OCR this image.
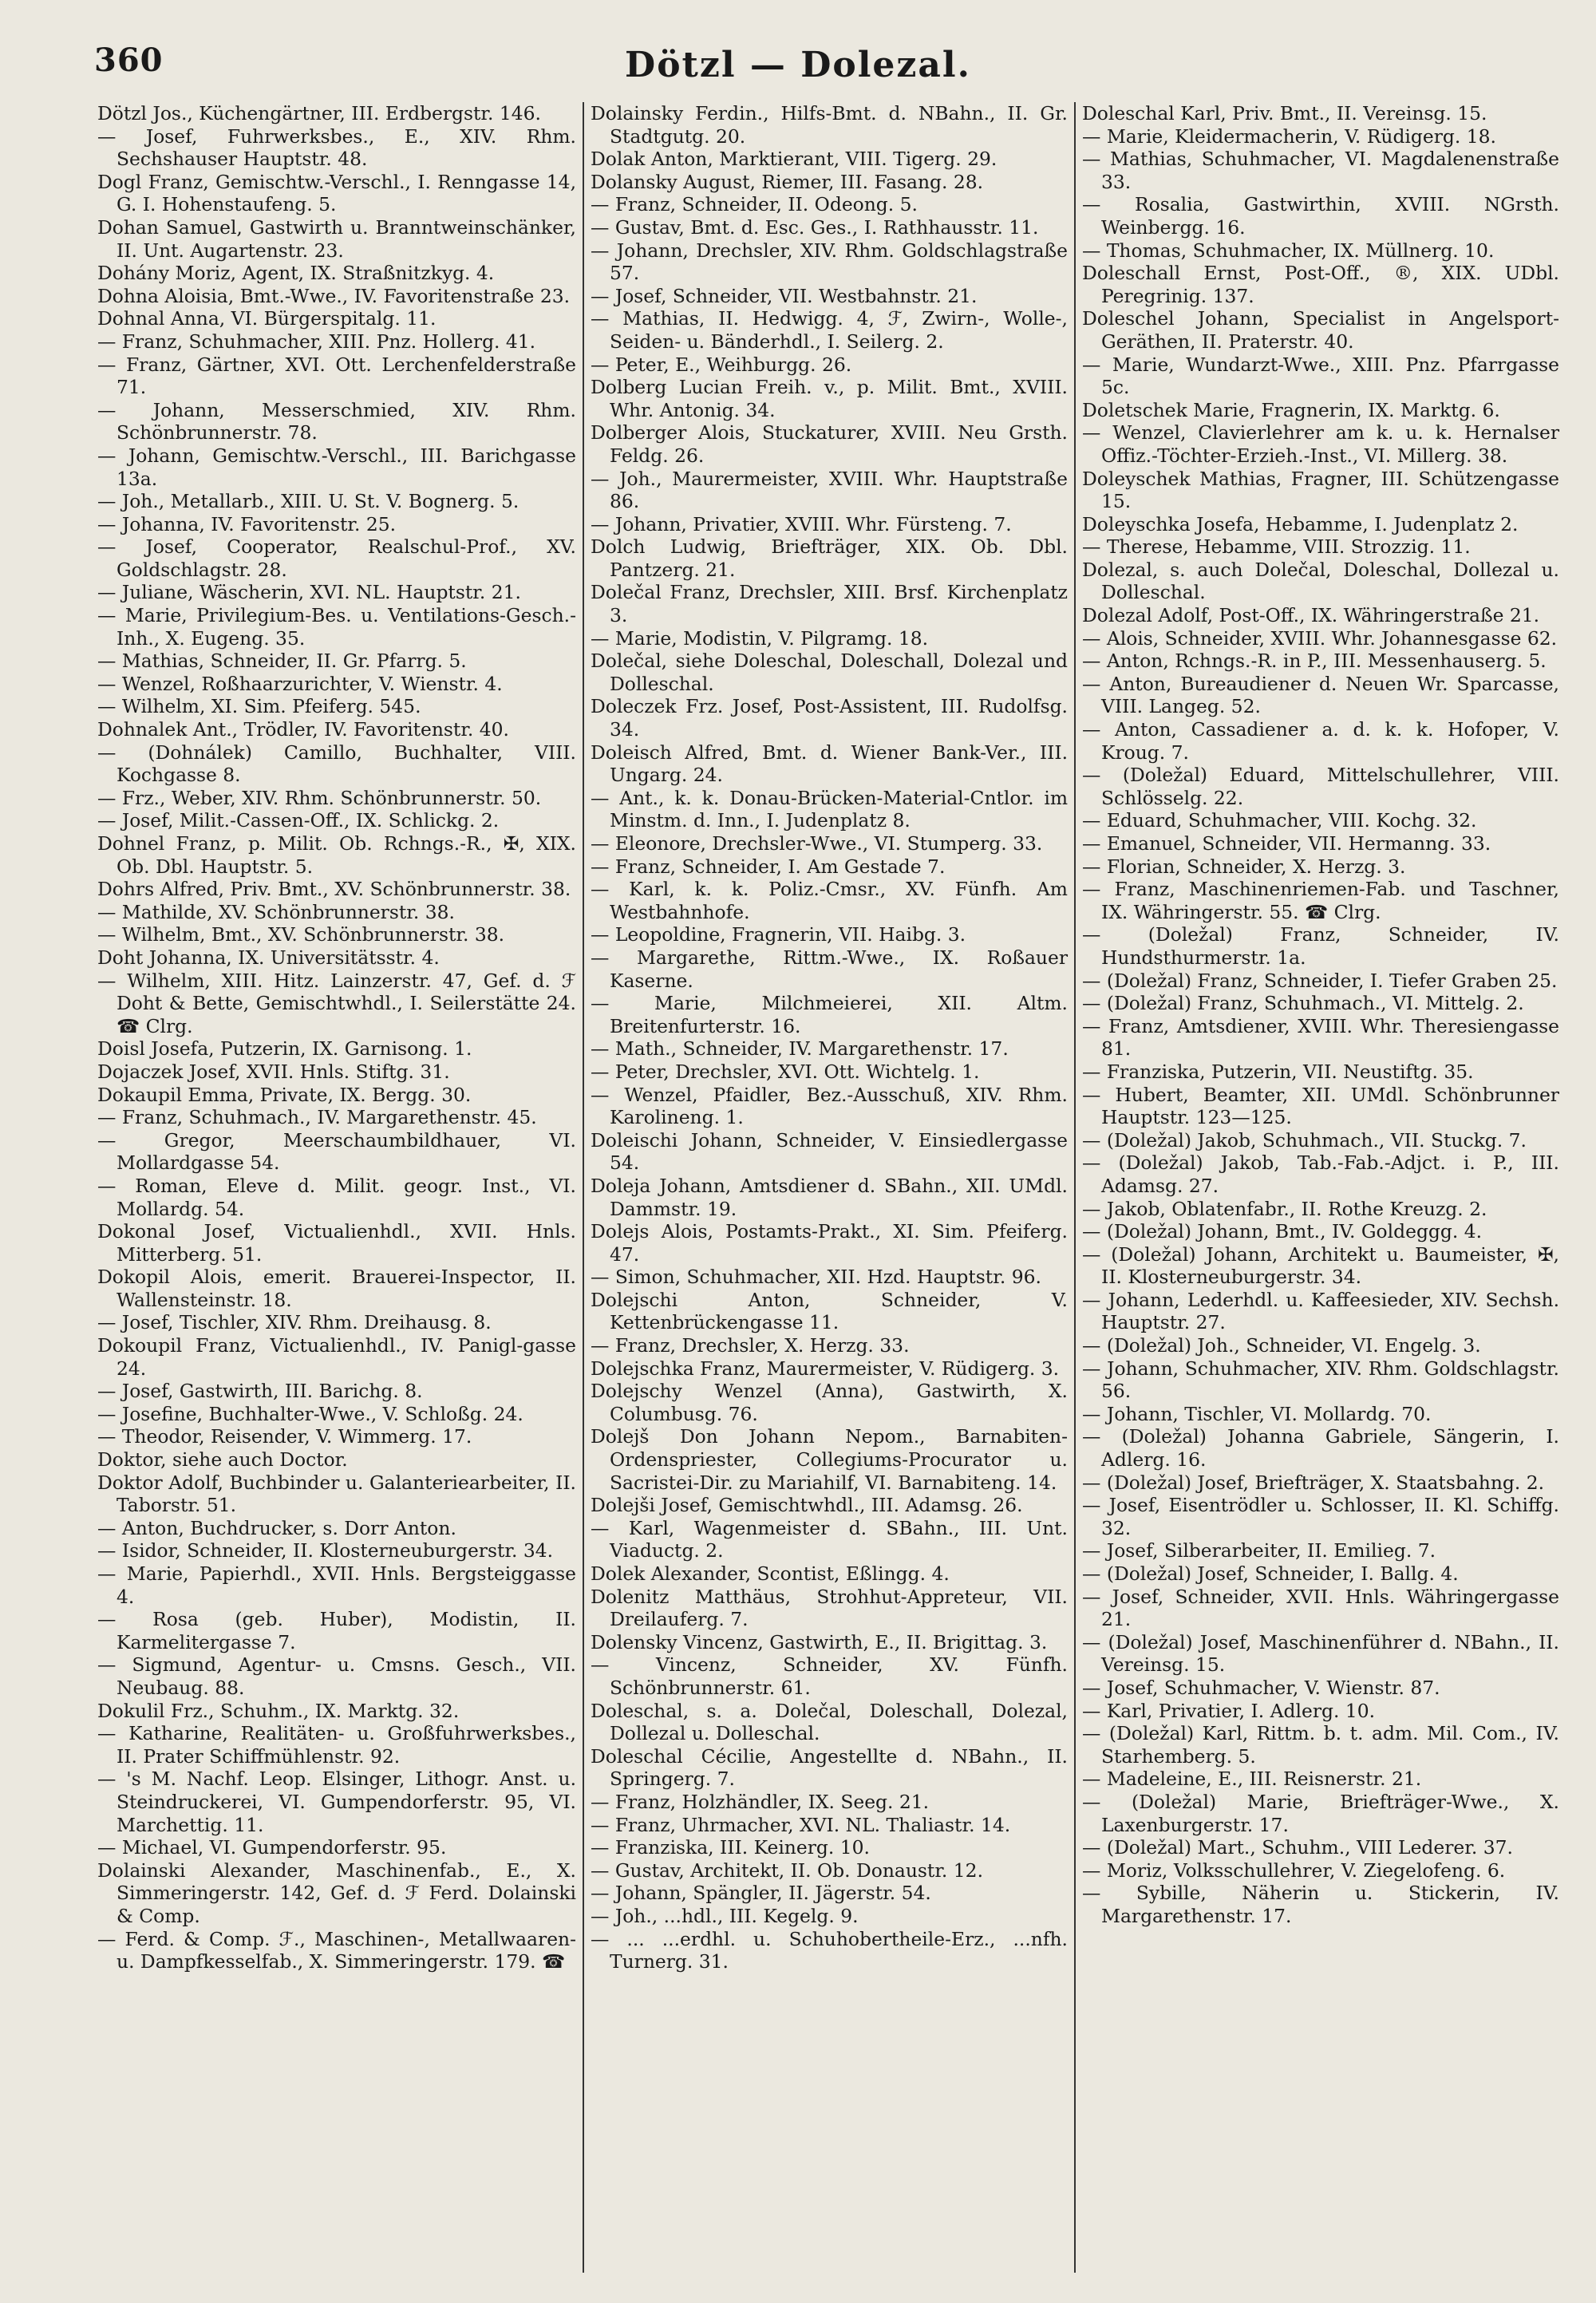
360	Dötzl — Dolezal.

Dötzl Jos., Küchengärtner, III. Erdbergstr. 146.

— Josef, Fuhrwerksbes., E., XIV. Rhm. Sechshauser Hauptstr. 48.

Dogl Franz, Gemischtw.-Verschl., I. Renngasse 14, G. I. Hohenstaufeng. 5.

Dohan Samuel, Gastwirth u. Branntweinschänker, II. Unt. Augartenstr. 23.

Dohány Moriz, Agent, IX. Straßnitzkyg. 4.

Dohna Aloisia, Bmt.-Wwe., IV. Favoritenstraße 23.

Dohnal Anna, VI. Bürgerspitalg. 11.

— Franz, Schuhmacher, XIII. Pnz. Hollerg. 41.

— Franz, Gärtner, XVI. Ott. Lerchenfelderstraße 71.

— Johann, Messerschmied, XIV. Rhm. Schönbrunnerstr. 78.

— Johann, Gemischtw.-Verschl., III. Barichgasse 13a.

— Joh., Metallarb., XIII. U. St. V. Bognerg. 5.

— Johanna, IV. Favoritenstr. 25.

— Josef, Cooperator, Realschul-Prof., XV. Goldschlagstr. 28.

— Juliane, Wäscherin, XVI. NL. Hauptstr. 21.

— Marie, Privilegium-Bes. u. Ventilations-Gesch.-Inh., X. Eugeng. 35.

— Mathias, Schneider, II. Gr. Pfarrg. 5.

— Wenzel, Roßhaarzurichter, V. Wienstr. 4.

— Wilhelm, XI. Sim. Pfeiferg. 545.

Dohnalek Ant., Trödler, IV. Favoritenstr. 40.

— (Dohnálek) Camillo, Buchhalter, VIII. Kochgasse 8.

— Frz., Weber, XIV. Rhm. Schönbrunnerstr. 50.

— Josef, Milit.-Cassen-Off., IX. Schlickg. 2.

Dohnel Franz, p. Milit. Ob. Rchngs.-R., ✠, XIX. Ob. Dbl. Hauptstr. 5.

Dohrs Alfred, Priv. Bmt., XV. Schönbrunnerstr. 38.

— Mathilde, XV. Schönbrunnerstr. 38.

— Wilhelm, Bmt., XV. Schönbrunnerstr. 38.

Doht Johanna, IX. Universitätsstr. 4.

— Wilhelm, XIII. Hitz. Lainzerstr. 47, Gef. d. ℱ Doht & Bette, Gemischtwhdl., I. Seilerstätte 24. ☎ Clrg.

Doisl Josefa, Putzerin, IX. Garnisong. 1.

Dojaczek Josef, XVII. Hnls. Stiftg. 31.

Dokaupil Emma, Private, IX. Bergg. 30.

— Franz, Schuhmach., IV. Margarethenstr. 45.

— Gregor, Meerschaumbildhauer, VI. Mollardgasse 54.

— Roman, Eleve d. Milit. geogr. Inst., VI. Mollardg. 54.

Dokonal Josef, Victualienhdl., XVII. Hnls. Mitterberg. 51.

Dokopil Alois, emerit. Brauerei-Inspector, II. Wallensteinstr. 18.

— Josef, Tischler, XIV. Rhm. Dreihausg. 8.

Dokoupil Franz, Victualienhdl., IV. Panigl-gasse 24.

— Josef, Gastwirth, III. Barichg. 8.

— Josefine, Buchhalter-Wwe., V. Schloßg. 24.

— Theodor, Reisender, V. Wimmerg. 17.

Doktor, siehe auch Doctor.

Doktor Adolf, Buchbinder u. Galanteriearbeiter, II. Taborstr. 51.

— Anton, Buchdrucker, s. Dorr Anton.

— Isidor, Schneider, II. Klosterneuburgerstr. 34.

— Marie, Papierhdl., XVII. Hnls. Bergsteiggasse 4.

— Rosa (geb. Huber), Modistin, II. Karmelitergasse 7.

— Sigmund, Agentur- u. Cmsns. Gesch., VII. Neubaug. 88.

Dokulil Frz., Schuhm., IX. Marktg. 32.

— Katharine, Realitäten- u. Großfuhrwerksbes., II. Prater Schiffmühlenstr. 92.

— 's M. Nachf. Leop. Elsinger, Lithogr. Anst. u. Steindruckerei, VI. Gumpendorferstr. 95, VI. Marchettig. 11.

— Michael, VI. Gumpendorferstr. 95.

Dolainski Alexander, Maschinenfab., E., X. Simmeringerstr. 142, Gef. d. ℱ Ferd. Dolainski & Comp.

— Ferd. & Comp. ℱ., Maschinen-, Metallwaaren- u. Dampfkesselfab., X. Simmeringerstr. 179. ☎

Dolainsky Ferdin., Hilfs-Bmt. d. NBahn., II. Gr. Stadtgutg. 20.

Dolak Anton, Marktierant, VIII. Tigerg. 29.

Dolansky August, Riemer, III. Fasang. 28.

— Franz, Schneider, II. Odeong. 5.

— Gustav, Bmt. d. Esc. Ges., I. Rathhausstr. 11.

— Johann, Drechsler, XIV. Rhm. Goldschlagstraße 57.

— Josef, Schneider, VII. Westbahnstr. 21.

— Mathias, II. Hedwigg. 4, ℱ, Zwirn-, Wolle-, Seiden- u. Bänderhdl., I. Seilerg. 2.

— Peter, E., Weihburgg. 26.

Dolberg Lucian Freih. v., p. Milit. Bmt., XVIII. Whr. Antonig. 34.

Dolberger Alois, Stuckaturer, XVIII. Neu Grsth. Feldg. 26.

— Joh., Maurermeister, XVIII. Whr. Hauptstraße 86.

— Johann, Privatier, XVIII. Whr. Fürsteng. 7.

Dolch Ludwig, Briefträger, XIX. Ob. Dbl. Pantzerg. 21.

Dolečal Franz, Drechsler, XIII. Brsf. Kirchenplatz 3.

— Marie, Modistin, V. Pilgramg. 18.

Dolečal, siehe Doleschal, Doleschall, Dolezal und Dolleschal.

Doleczek Frz. Josef, Post-Assistent, III. Rudolfsg. 34.

Doleisch Alfred, Bmt. d. Wiener Bank-Ver., III. Ungarg. 24.

— Ant., k. k. Donau-Brücken-Material-Cntlor. im Minstm. d. Inn., I. Judenplatz 8.

— Eleonore, Drechsler-Wwe., VI. Stumperg. 33.

— Franz, Schneider, I. Am Gestade 7.

— Karl, k. k. Poliz.-Cmsr., XV. Fünfh. Am Westbahnhofe.

— Leopoldine, Fragnerin, VII. Haibg. 3.

— Margarethe, Rittm.-Wwe., IX. Roßauer Kaserne.

— Marie, Milchmeierei, XII. Altm. Breitenfurterstr. 16.

— Math., Schneider, IV. Margarethenstr. 17.

— Peter, Drechsler, XVI. Ott. Wichtelg. 1.

— Wenzel, Pfaidler, Bez.-Ausschuß, XIV. Rhm. Karolineng. 1.

Doleischi Johann, Schneider, V. Einsiedlergasse 54.

Doleja Johann, Amtsdiener d. SBahn., XII. UMdl. Dammstr. 19.

Dolejs Alois, Postamts-Prakt., XI. Sim. Pfeiferg. 47.

— Simon, Schuhmacher, XII. Hzd. Hauptstr. 96.

Dolejschi Anton, Schneider, V. Kettenbrückengasse 11.

— Franz, Drechsler, X. Herzg. 33.

Dolejschka Franz, Maurermeister, V. Rüdigerg. 3.

Dolejschy Wenzel (Anna), Gastwirth, X. Columbusg. 76.

Dolejš Don Johann Nepom., Barnabiten-Ordenspriester, Collegiums-Procurator u. Sacristei-Dir. zu Mariahilf, VI. Barnabiteng. 14.

Dolejši Josef, Gemischtwhdl., III. Adamsg. 26.

— Karl, Wagenmeister d. SBahn., III. Unt. Viaductg. 2.

Dolek Alexander, Scontist, Eßlingg. 4.

Dolenitz Matthäus, Strohhut-Appreteur, VII. Dreilauferg. 7.

Dolensky Vincenz, Gastwirth, E., II. Brigittag. 3.

— Vincenz, Schneider, XV. Fünfh. Schönbrunnerstr. 61.

Doleschal, s. a. Dolečal, Doleschall, Dolezal, Dollezal u. Dolleschal.

Doleschal Cécilie, Angestellte d. NBahn., II. Springerg. 7.

— Franz, Holzhändler, IX. Seeg. 21.

— Franz, Uhrmacher, XVI. NL. Thaliastr. 14.

— Franziska, III. Keinerg. 10.

— Gustav, Architekt, II. Ob. Donaustr. 12.

— Johann, Spängler, II. Jägerstr. 54.

— Joh., ...hdl., III. Kegelg. 9.

— ... ...erdhl. u. Schuhobertheile-Erz., ...nfh. Turnerg. 31.

Doleschal Karl, Priv. Bmt., II. Vereinsg. 15.

— Marie, Kleidermacherin, V. Rüdigerg. 18.

— Mathias, Schuhmacher, VI. Magdalenenstraße 33.

— Rosalia, Gastwirthin, XVIII. NGrsth. Weinbergg. 16.

— Thomas, Schuhmacher, IX. Müllnerg. 10.

Doleschall Ernst, Post-Off., ®, XIX. UDbl. Peregrinig. 137.

Doleschel Johann, Specialist in Angelsport-Geräthen, II. Praterstr. 40.

— Marie, Wundarzt-Wwe., XIII. Pnz. Pfarrgasse 5c.

Doletschek Marie, Fragnerin, IX. Marktg. 6.

— Wenzel, Clavierlehrer am k. u. k. Hernalser Offiz.-Töchter-Erzieh.-Inst., VI. Millerg. 38.

Doleyschek Mathias, Fragner, III. Schützengasse 15.

Doleyschka Josefa, Hebamme, I. Judenplatz 2.

— Therese, Hebamme, VIII. Strozzig. 11.

Dolezal, s. auch Dolečal, Doleschal, Dollezal u. Dolleschal.

Dolezal Adolf, Post-Off., IX. Währingerstraße 21.

— Alois, Schneider, XVIII. Whr. Johannesgasse 62.

— Anton, Rchngs.-R. in P., III. Messenhauserg. 5.

— Anton, Bureaudiener d. Neuen Wr. Sparcasse, VIII. Langeg. 52.

— Anton, Cassadiener a. d. k. k. Hofoper, V. Kroug. 7.

— (Doležal) Eduard, Mittelschullehrer, VIII. Schlösselg. 22.

— Eduard, Schuhmacher, VIII. Kochg. 32.

— Emanuel, Schneider, VII. Hermanng. 33.

— Florian, Schneider, X. Herzg. 3.

— Franz, Maschinenriemen-Fab. und Taschner, IX. Währingerstr. 55. ☎ Clrg.

— (Doležal) Franz, Schneider, IV. Hundsthurmerstr. 1a.

— (Doležal) Franz, Schneider, I. Tiefer Graben 25.

— (Doležal) Franz, Schuhmach., VI. Mittelg. 2.

— Franz, Amtsdiener, XVIII. Whr. Theresiengasse 81.

— Franziska, Putzerin, VII. Neustiftg. 35.

— Hubert, Beamter, XII. UMdl. Schönbrunner Hauptstr. 123—125.

— (Doležal) Jakob, Schuhmach., VII. Stuckg. 7.

— (Doležal) Jakob, Tab.-Fab.-Adjct. i. P., III. Adamsg. 27.

— Jakob, Oblatenfabr., II. Rothe Kreuzg. 2.

— (Doležal) Johann, Bmt., IV. Goldeggg. 4.

— (Doležal) Johann, Architekt u. Baumeister, ✠, II. Klosterneuburgerstr. 34.

— Johann, Lederhdl. u. Kaffeesieder, XIV. Sechsh. Hauptstr. 27.

— (Doležal) Joh., Schneider, VI. Engelg. 3.

— Johann, Schuhmacher, XIV. Rhm. Goldschlagstr. 56.

— Johann, Tischler, VI. Mollardg. 70.

— (Doležal) Johanna Gabriele, Sängerin, I. Adlerg. 16.

— (Doležal) Josef, Briefträger, X. Staatsbahng. 2.

— Josef, Eisentrödler u. Schlosser, II. Kl. Schiffg. 32.

— Josef, Silberarbeiter, II. Emilieg. 7.

— (Doležal) Josef, Schneider, I. Ballg. 4.

— Josef, Schneider, XVII. Hnls. Währingergasse 21.

— (Doležal) Josef, Maschinenführer d. NBahn., II. Vereinsg. 15.

— Josef, Schuhmacher, V. Wienstr. 87.

— Karl, Privatier, I. Adlerg. 10.

— (Doležal) Karl, Rittm. b. t. adm. Mil. Com., IV. Starhemberg. 5.

— Madeleine, E., III. Reisnerstr. 21.

— (Doležal) Marie, Briefträger-Wwe., X. Laxenburgerstr. 17.

— (Doležal) Mart., Schuhm., VIII Lederer. 37.

— Moriz, Volksschullehrer, V. Ziegelofeng. 6.

— Sybille, Näherin u. Stickerin, IV. Margarethenstr. 17.
